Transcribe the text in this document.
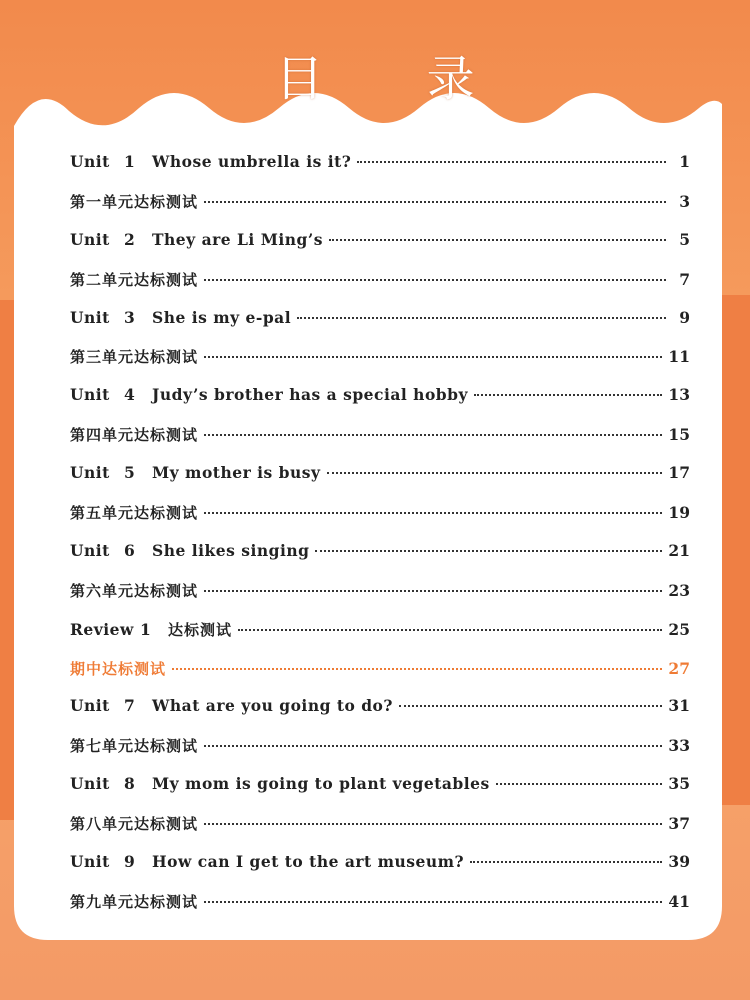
目 录
Unit 1 Whose umbrella is it?	1
第一单元达标测试	3
Unit 2 They are Li Ming’s	5
第二单元达标测试	7
Unit 3 She is my e-pal	9
第三单元达标测试	11
Unit 4 Judy’s brother has a special hobby	13
第四单元达标测试	15
Unit 5 My mother is busy	17
第五单元达标测试	19
Unit 6 She likes singing	21
第六单元达标测试	23
Review 1 达标测试	25
期中达标测试	27
Unit 7 What are you going to do?	31
第七单元达标测试	33
Unit 8 My mom is going to plant vegetables	35
第八单元达标测试	37
Unit 9 How can I get to the art museum?	39
第九单元达标测试	41
